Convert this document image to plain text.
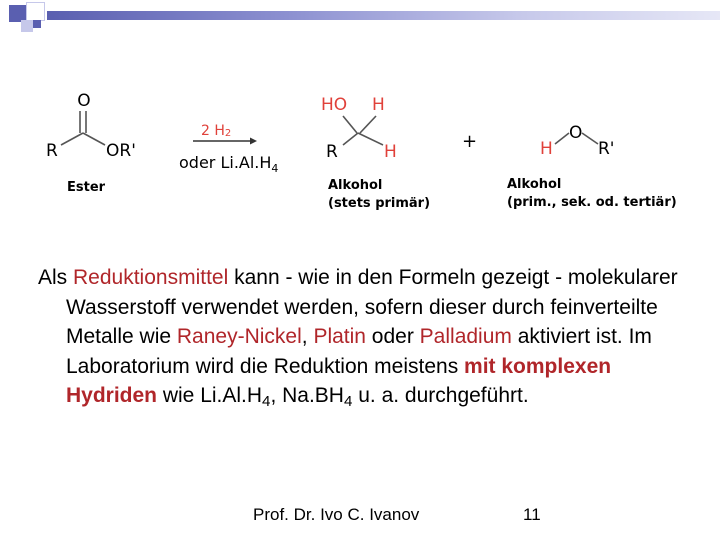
O
R	OR'
Ester
2 H2
oder $Li.Al.H_4$
HO H
R	H
Alkohol
(stets primär)
+	O
H	R'
Alkohol
(prim., sek. od. tertiär)

Als Reduktionsmittel kann - wie in den Formeln gezeigt - molekularer Wasserstoff verwendet werden, sofern dieser durch feinverteilte Metalle wie Raney-Nickel, Platin oder Palladium aktiviert ist. Im Laboratorium wird die Reduktion meistens mit komplexen Hydriden wie $Li.Al.H_4$, $Na.BH_4$ u. a. durchgeführt.

Prof. Dr. Ivo C. Ivanov	11
